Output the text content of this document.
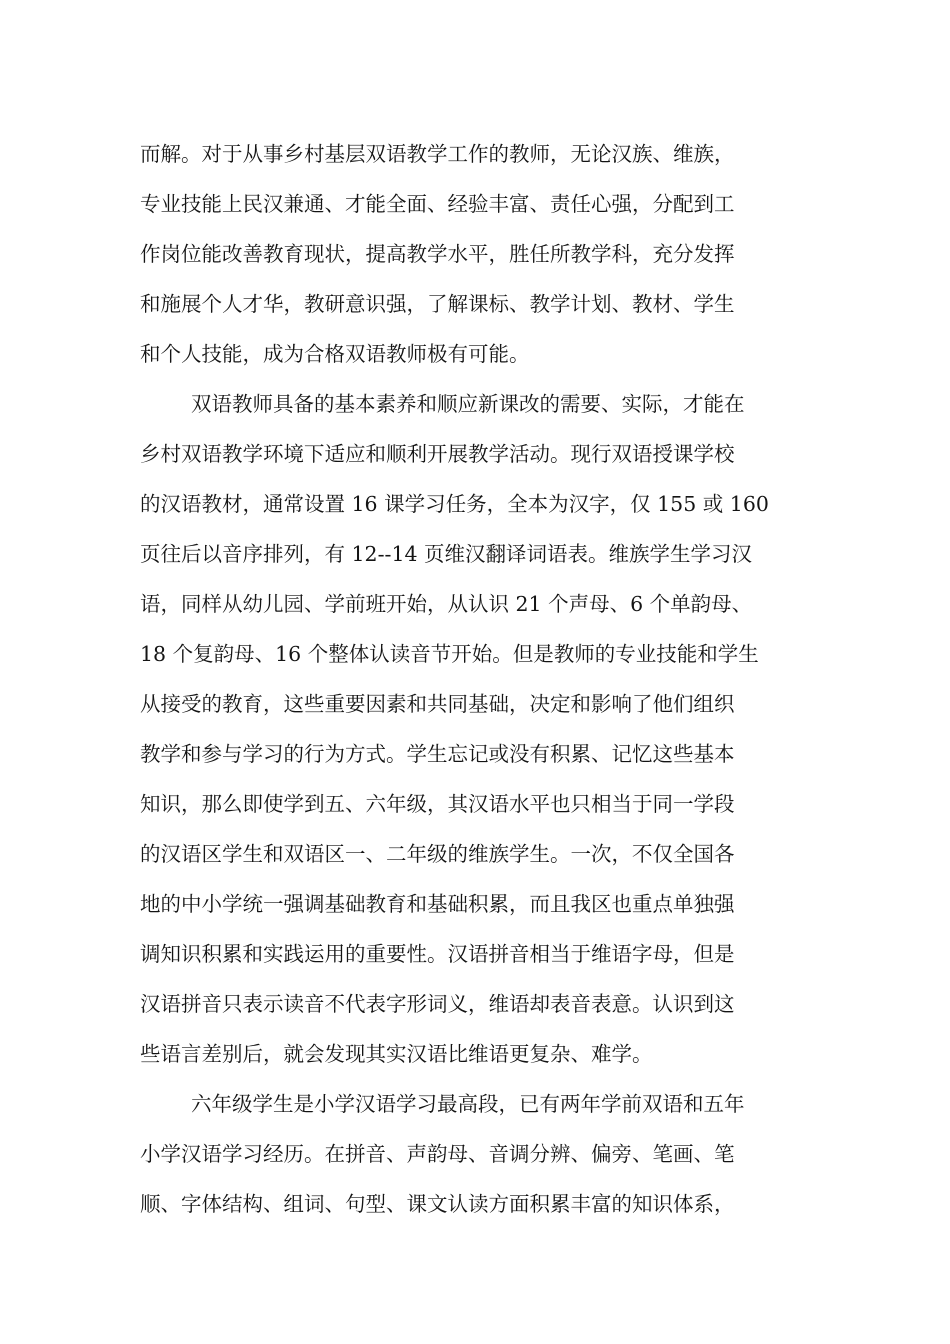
而解。对于从事乡村基层双语教学工作的教师，无论汉族、维族，
专业技能上民汉兼通、才能全面、经验丰富、责任心强，分配到工
作岗位能改善教育现状，提高教学水平，胜任所教学科，充分发挥
和施展个人才华，教研意识强，了解课标、教学计划、教材、学生
和个人技能，成为合格双语教师极有可能。
双语教师具备的基本素养和顺应新课改的需要、实际，才能在
乡村双语教学环境下适应和顺利开展教学活动。现行双语授课学校
的汉语教材，通常设置 16 课学习任务，全本为汉字，仅 155 或 160
页往后以音序排列，有 12--14 页维汉翻译词语表。维族学生学习汉
语，同样从幼儿园、学前班开始，从认识 21 个声母、6 个单韵母、
18 个复韵母、16 个整体认读音节开始。但是教师的专业技能和学生
从接受的教育，这些重要因素和共同基础，决定和影响了他们组织
教学和参与学习的行为方式。学生忘记或没有积累、记忆这些基本
知识，那么即使学到五、六年级，其汉语水平也只相当于同一学段
的汉语区学生和双语区一、二年级的维族学生。一次，不仅全国各
地的中小学统一强调基础教育和基础积累，而且我区也重点单独强
调知识积累和实践运用的重要性。汉语拼音相当于维语字母，但是
汉语拼音只表示读音不代表字形词义，维语却表音表意。认识到这
些语言差别后，就会发现其实汉语比维语更复杂、难学。
六年级学生是小学汉语学习最高段，已有两年学前双语和五年
小学汉语学习经历。在拼音、声韵母、音调分辨、偏旁、笔画、笔
顺、字体结构、组词、句型、课文认读方面积累丰富的知识体系，
